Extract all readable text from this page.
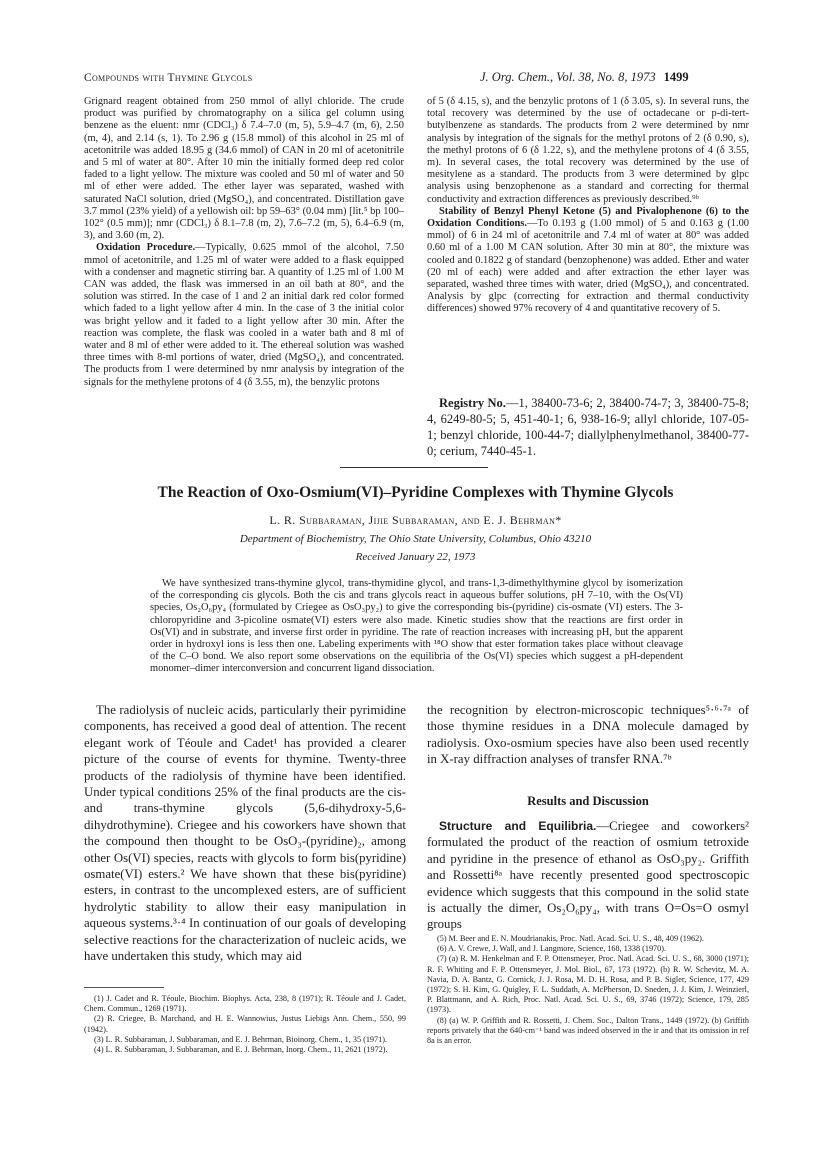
Compounds with Thymine Glycols	J. Org. Chem., Vol. 38, No. 8, 1973 1499

Grignard reagent obtained from 250 mmol of allyl chloride. The crude product was purified by chromatography on a silica gel column using benzene as the eluent: nmr (CDCl₃) δ 7.4–7.0 (m, 5), 5.9–4.7 (m, 6), 2.50 (m, 4), and 2.14 (s, 1). To 2.96 g (15.8 mmol) of this alcohol in 25 ml of acetonitrile was added 18.95 g (34.6 mmol) of CAN in 20 ml of acetonitrile and 5 ml of water at 80°. After 10 min the initially formed deep red color faded to a light yellow. The mixture was cooled and 50 ml of water and 50 ml of ether were added. The ether layer was separated, washed with saturated NaCl solution, dried (MgSO₄), and concentrated. Distillation gave 3.7 mmol (23% yield) of a yellowish oil: bp 59–63° (0.04 mm) [lit.⁵ bp 100–102° (0.5 mm)]; nmr (CDCl₃) δ 8.1–7.8 (m, 2), 7.6–7.2 (m, 5), 6.4–6.9 (m, 3), and 3.60 (m, 2).

Oxidation Procedure.—Typically, 0.625 mmol of the alcohol, 7.50 mmol of acetonitrile, and 1.25 ml of water were added to a flask equipped with a condenser and magnetic stirring bar. A quantity of 1.25 ml of 1.00 M CAN was added, the flask was immersed in an oil bath at 80°, and the solution was stirred. In the case of 1 and 2 an initial dark red color formed which faded to a light yellow after 4 min. In the case of 3 the initial color was bright yellow and it faded to a light yellow after 30 min. After the reaction was complete, the flask was cooled in a water bath and 8 ml of water and 8 ml of ether were added to it. The ethereal solution was washed three times with 8-ml portions of water, dried (MgSO₄), and concentrated. The products from 1 were determined by nmr analysis by integration of the signals for the methylene protons of 4 (δ 3.55, m), the benzylic protons

of 5 (δ 4.15, s), and the benzylic protons of 1 (δ 3.05, s). In several runs, the total recovery was determined by the use of octadecane or p-di-tert-butylbenzene as standards. The products from 2 were determined by nmr analysis by integration of the signals for the methyl protons of 2 (δ 0.90, s), the methyl protons of 6 (δ 1.22, s), and the methylene protons of 4 (δ 3.55, m). In several cases, the total recovery was determined by the use of mesitylene as a standard. The products from 3 were determined by glpc analysis using benzophenone as a standard and correcting for thermal conductivity and extraction differences as previously described.⁹ᵇ

Stability of Benzyl Phenyl Ketone (5) and Pivalophenone (6) to the Oxidation Conditions.—To 0.193 g (1.00 mmol) of 5 and 0.163 g (1.00 mmol) of 6 in 24 ml of acetonitrile and 7.4 ml of water at 80° was added 0.60 ml of a 1.00 M CAN solution. After 30 min at 80°, the mixture was cooled and 0.1822 g of standard (benzophenone) was added. Ether and water (20 ml of each) were added and after extraction the ether layer was separated, washed three times with water, dried (MgSO₄), and concentrated. Analysis by glpc (correcting for extraction and thermal conductivity differences) showed 97% recovery of 4 and quantitative recovery of 5.

Registry No.—1, 38400-73-6; 2, 38400-74-7; 3, 38400-75-8; 4, 6249-80-5; 5, 451-40-1; 6, 938-16-9; allyl chloride, 107-05-1; benzyl chloride, 100-44-7; diallylphenylmethanol, 38400-77-0; cerium, 7440-45-1.

The Reaction of Oxo-Osmium(VI)–Pyridine Complexes with Thymine Glycols
L. R. Subbaraman, Jijie Subbaraman, and E. J. Behrman*
Department of Biochemistry, The Ohio State University, Columbus, Ohio 43210
Received January 22, 1973
We have synthesized trans-thymine glycol, trans-thymidine glycol, and trans-1,3-dimethylthymine glycol by isomerization of the corresponding cis glycols. Both the cis and trans glycols react in aqueous buffer solutions, pH 7–10, with the Os(VI) species, Os₂O₆py₄ (formulated by Criegee as OsO₃py₂) to give the corresponding bis-(pyridine) cis-osmate (VI) esters. The 3-chloropyridine and 3-picoline osmate(VI) esters were also made. Kinetic studies show that the reactions are first order in Os(VI) and in substrate, and inverse first order in pyridine. The rate of reaction increases with increasing pH, but the apparent order in hydroxyl ions is less then one. Labeling experiments with ¹⁸O show that ester formation takes place without cleavage of the C–O bond. We also report some observations on the equilibria of the Os(VI) species which suggest a pH-dependent monomer–dimer interconversion and concurrent ligand dissociation.

The radiolysis of nucleic acids, particularly their pyrimidine components, has received a good deal of attention. The recent elegant work of Téoule and Cadet¹ has provided a clearer picture of the course of events for thymine. Twenty-three products of the radiolysis of thymine have been identified. Under typical conditions 25% of the final products are the cis- and trans-thymine glycols (5,6-dihydroxy-5,6-dihydrothymine). Criegee and his coworkers have shown that the compound then thought to be OsO₃-(pyridine)₂, among other Os(VI) species, reacts with glycols to form bis(pyridine) osmate(VI) esters.² We have shown that these bis(pyridine) esters, in contrast to the uncomplexed esters, are of sufficient hydrolytic stability to allow their easy manipulation in aqueous systems.³·⁴ In continuation of our goals of developing selective reactions for the characterization of nucleic acids, we have undertaken this study, which may aid

the recognition by electron-microscopic techniques⁵·⁶·⁷ᵃ of those thymine residues in a DNA molecule damaged by radiolysis. Oxo-osmium species have also been used recently in X-ray diffraction analyses of transfer RNA.⁷ᵇ

Results and Discussion

Structure and Equilibria.—Criegee and coworkers² formulated the product of the reaction of osmium tetroxide and pyridine in the presence of ethanol as OsO₃py₂. Griffith and Rossetti⁸ᵃ have recently presented good spectroscopic evidence which suggests that this compound in the solid state is actually the dimer, Os₂O₆py₄, with trans O=Os=O osmyl groups

(1) J. Cadet and R. Téoule, Biochim. Biophys. Acta, 238, 8 (1971); R. Téoule and J. Cadet, Chem. Commun., 1269 (1971).

(2) R. Criegee, B. Marchand, and H. E. Wannowius, Justus Liebigs Ann. Chem., 550, 99 (1942).

(3) L. R. Subbaraman, J. Subbaraman, and E. J. Behrman, Bioinorg. Chem., 1, 35 (1971).

(4) L. R. Subbaraman, J. Subbaraman, and E. J. Behrman, Inorg. Chem., 11, 2621 (1972).

(5) M. Beer and E. N. Moudrianakis, Proc. Natl. Acad. Sci. U. S., 48, 409 (1962).

(6) A. V. Crewe, J. Wall, and J. Langmore, Science, 168, 1338 (1970).

(7) (a) R. M. Henkelman and F. P. Ottensmeyer, Proc. Natl. Acad. Sci. U. S., 68, 3000 (1971); R. F. Whiting and F. P. Ottensmeyer, J. Mol. Biol., 67, 173 (1972). (b) R. W. Schevitz, M. A. Navia, D. A. Bantz, G. Cornick, J. J. Rosa, M. D. H. Rosa, and P. B. Sigler, Science, 177, 429 (1972); S. H. Kim, G. Quigley, F. L. Suddath, A. McPherson, D. Sneden, J. J. Kim, J. Weinzierl, P. Blattmann, and A. Rich, Proc. Natl. Acad. Sci. U. S., 69, 3746 (1972); Science, 179, 285 (1973).

(8) (a) W. P. Griffith and R. Rossetti, J. Chem. Soc., Dalton Trans., 1449 (1972). (b) Griffith reports privately that the 640-cm⁻¹ band was indeed observed in the ir and that its omission in ref 8a is an error.
